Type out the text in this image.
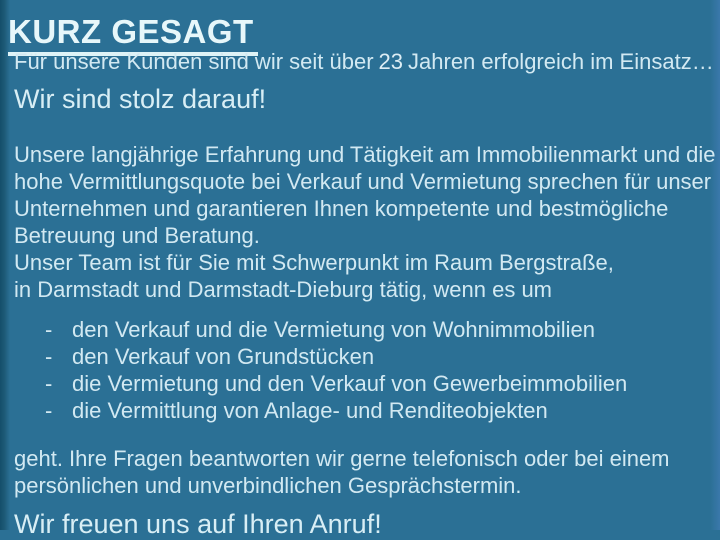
KURZ GESAGT
Für unsere Kunden sind wir seit über 23 Jahren erfolgreich im Einsatz…
Wir sind stolz darauf!
Unsere langjährige Erfahrung und Tätigkeit am Immobilienmarkt und die
hohe Vermittlungsquote bei Verkauf und Vermietung sprechen für unser
Unternehmen und garantieren Ihnen kompetente und bestmögliche
Betreuung und Beratung.
Unser Team ist für Sie mit Schwerpunkt im Raum Bergstraße,
in Darmstadt und Darmstadt-Dieburg tätig, wenn es um
- den Verkauf und die Vermietung von Wohnimmobilien
- den Verkauf von Grundstücken
- die Vermietung und den Verkauf von Gewerbeimmobilien
- die Vermittlung von Anlage- und Renditeobjekten
geht. Ihre Fragen beantworten wir gerne telefonisch oder bei einem
persönlichen und unverbindlichen Gesprächstermin.
Wir freuen uns auf Ihren Anruf!
